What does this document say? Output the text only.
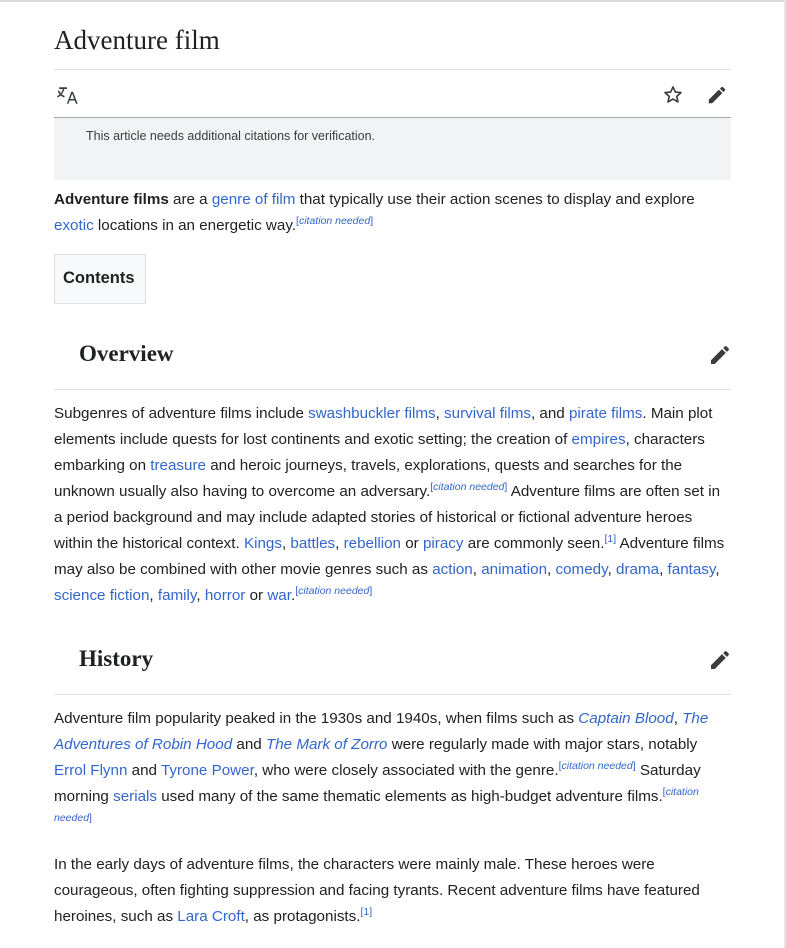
Adventure film
This article needs additional citations for verification.

Adventure films are a genre of film that typically use their action scenes to display and explore exotic locations in an energetic way.[citation needed]

Contents
Overview

Subgenres of adventure films include swashbuckler films, survival films, and pirate films. Main plot elements include quests for lost continents and exotic setting; the creation of empires, characters embarking on treasure and heroic journeys, travels, explorations, quests and searches for the unknown usually also having to overcome an adversary.[citation needed] Adventure films are often set in a period background and may include adapted stories of historical or fictional adventure heroes within the historical context. Kings, battles, rebellion or piracy are commonly seen.[1] Adventure films may also be combined with other movie genres such as action, animation, comedy, drama, fantasy, science fiction, family, horror or war.[citation needed]

History

Adventure film popularity peaked in the 1930s and 1940s, when films such as Captain Blood, The Adventures of Robin Hood and The Mark of Zorro were regularly made with major stars, notably Errol Flynn and Tyrone Power, who were closely associated with the genre.[citation needed] Saturday morning serials used many of the same thematic elements as high-budget adventure films.[citation needed]

In the early days of adventure films, the characters were mainly male. These heroes were courageous, often fighting suppression and facing tyrants. Recent adventure films have featured heroines, such as Lara Croft, as protagonists.[1]
